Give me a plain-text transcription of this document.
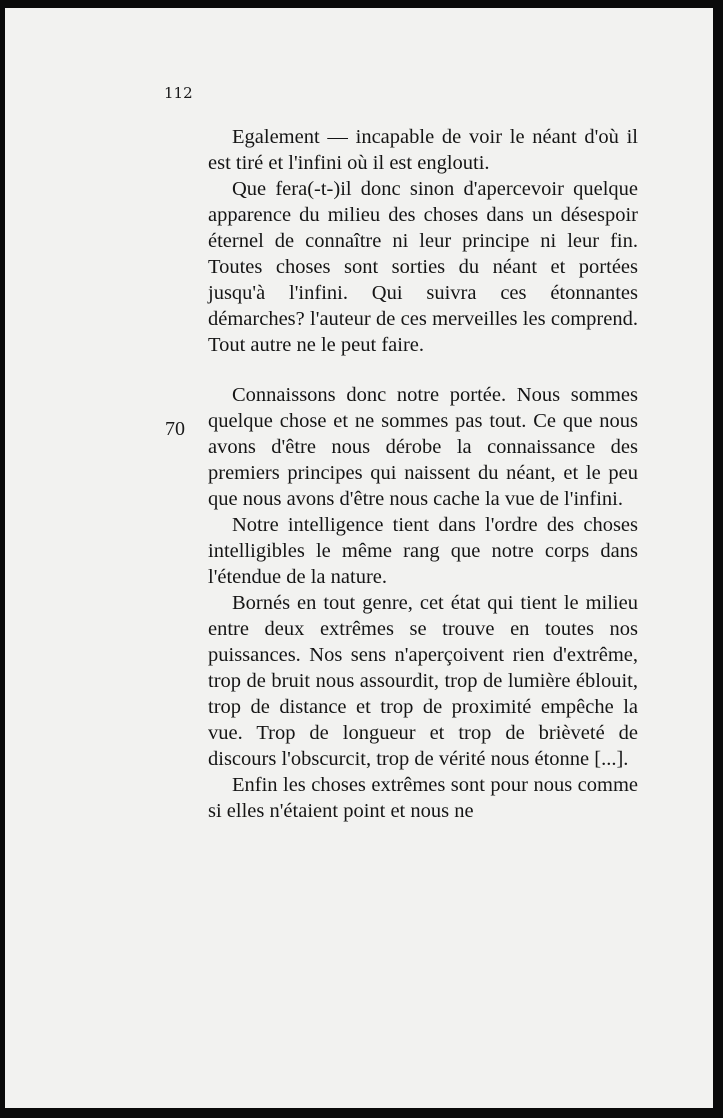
112
70

Egalement — incapable de voir le néant d'où il est tiré et l'infini où il est englouti.

Que fera(-t-)il donc sinon d'apercevoir quelque apparence du milieu des choses dans un désespoir éternel de connaître ni leur principe ni leur fin. Toutes choses sont sorties du néant et portées jusqu'à l'infini. Qui suivra ces étonnantes démarches? l'auteur de ces merveilles les comprend. Tout autre ne le peut faire.

Connaissons donc notre portée. Nous sommes quelque chose et ne sommes pas tout. Ce que nous avons d'être nous dérobe la connaissance des premiers principes qui naissent du néant, et le peu que nous avons d'être nous cache la vue de l'infini.

Notre intelligence tient dans l'ordre des choses intelligibles le même rang que notre corps dans l'étendue de la nature.

Bornés en tout genre, cet état qui tient le milieu entre deux extrêmes se trouve en toutes nos puissances. Nos sens n'aperçoivent rien d'extrême, trop de bruit nous assourdit, trop de lumière éblouit, trop de distance et trop de proximité empêche la vue. Trop de longueur et trop de brièveté de discours l'obscurcit, trop de vérité nous étonne [...].

Enfin les choses extrêmes sont pour nous comme si elles n'étaient point et nous ne
